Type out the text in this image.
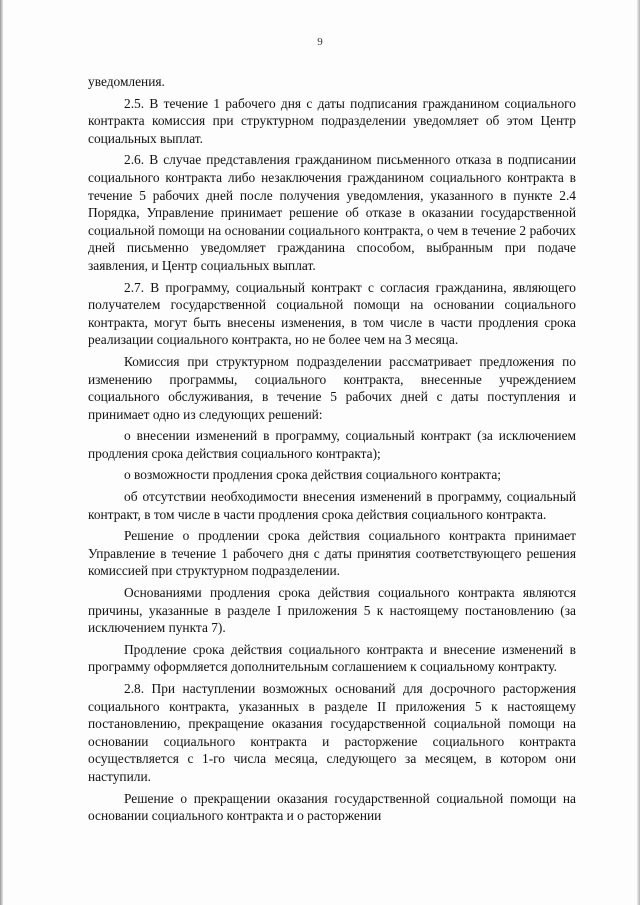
9

уведомления.

2.5. В течение 1 рабочего дня с даты подписания гражданином социального контракта комиссия при структурном подразделении уведомляет об этом Центр социальных выплат.

2.6. В случае представления гражданином письменного отказа в подписании социального контракта либо незаключения гражданином социального контракта в течение 5 рабочих дней после получения уведомления, указанного в пункте 2.4 Порядка, Управление принимает решение об отказе в оказании государственной социальной помощи на основании социального контракта, о чем в течение 2 рабочих дней письменно уведомляет гражданина способом, выбранным при подаче заявления, и Центр социальных выплат.

2.7. В программу, социальный контракт с согласия гражданина, являющего получателем государственной социальной помощи на основании социального контракта, могут быть внесены изменения, в том числе в части продления срока реализации социального контракта, но не более чем на 3 месяца.

Комиссия при структурном подразделении рассматривает предложения по изменению программы, социального контракта, внесенные учреждением социального обслуживания, в течение 5 рабочих дней с даты поступления и принимает одно из следующих решений:

о внесении изменений в программу, социальный контракт (за исключением продления срока действия социального контракта);

о возможности продления срока действия социального контракта;

об отсутствии необходимости внесения изменений в программу, социальный контракт, в том числе в части продления срока действия социального контракта.

Решение о продлении срока действия социального контракта принимает Управление в течение 1 рабочего дня с даты принятия соответствующего решения комиссией при структурном подразделении.

Основаниями продления срока действия социального контракта являются причины, указанные в разделе I приложения 5 к настоящему постановлению (за исключением пункта 7).

Продление срока действия социального контракта и внесение изменений в программу оформляется дополнительным соглашением к социальному контракту.

2.8. При наступлении возможных оснований для досрочного расторжения социального контракта, указанных в разделе II приложения 5 к настоящему постановлению, прекращение оказания государственной социальной помощи на основании социального контракта и расторжение социального контракта осуществляется с 1-го числа месяца, следующего за месяцем, в котором они наступили.

Решение о прекращении оказания государственной социальной помощи на основании социального контракта и о расторжении
